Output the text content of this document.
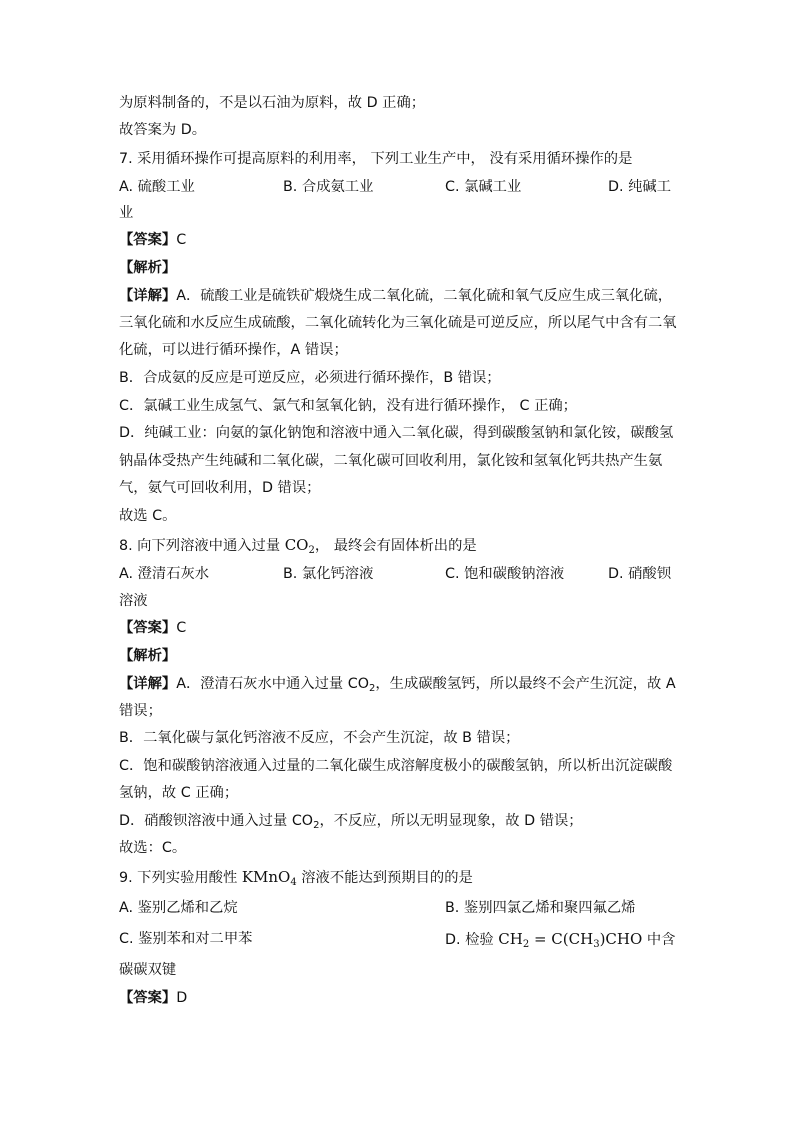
为原料制备的，不是以石油为原料，故 D 正确；
故答案为 D。
7. 采用循环操作可提高原料的利用率， 下列工业生产中， 没有采用循环操作的是
A. 硫酸工业	B. 合成氨工业	C. 氯碱工业	D. 纯碱工
业
【答案】C
【解析】
【详解】A．硫酸工业是硫铁矿煅烧生成二氧化硫，二氧化硫和氧气反应生成三氧化硫，
三氧化硫和水反应生成硫酸，二氧化硫转化为三氧化硫是可逆反应，所以尾气中含有二氧
化硫，可以进行循环操作，A 错误；
B．合成氨的反应是可逆反应，必须进行循环操作，B 错误；
C．氯碱工业生成氢气、氯气和氢氧化钠，没有进行循环操作， C 正确；
D．纯碱工业：向氨的氯化钠饱和溶液中通入二氧化碳，得到碳酸氢钠和氯化铵，碳酸氢
钠晶体受热产生纯碱和二氧化碳，二氧化碳可回收利用，氯化铵和氢氧化钙共热产生氨
气，氨气可回收利用，D 错误；
故选 C。
8. 向下列溶液中通入过量 $CO_2$， 最终会有固体析出的是
A. 澄清石灰水	B. 氯化钙溶液	C. 饱和碳酸钠溶液	D. 硝酸钡
溶液
【答案】C
【解析】
【详解】A．澄清石灰水中通入过量 $CO_2$，生成碳酸氢钙，所以最终不会产生沉淀，故 A
错误；
B．二氧化碳与氯化钙溶液不反应，不会产生沉淀，故 B 错误；
C．饱和碳酸钠溶液通入过量的二氧化碳生成溶解度极小的碳酸氢钠，所以析出沉淀碳酸
氢钠，故 C 正确；
D．硝酸钡溶液中通入过量 $CO_2$，不反应，所以无明显现象，故 D 错误；
故选：C。
9. 下列实验用酸性 KMnO$_4$ 溶液不能达到预期目的的是
A. 鉴别乙烯和乙烷	B. 鉴别四氯乙烯和聚四氟乙烯
C. 鉴别苯和对二甲苯	D. 检验 $CH_2 = C(CH_3)CHO$ 中含
碳碳双键
【答案】D
